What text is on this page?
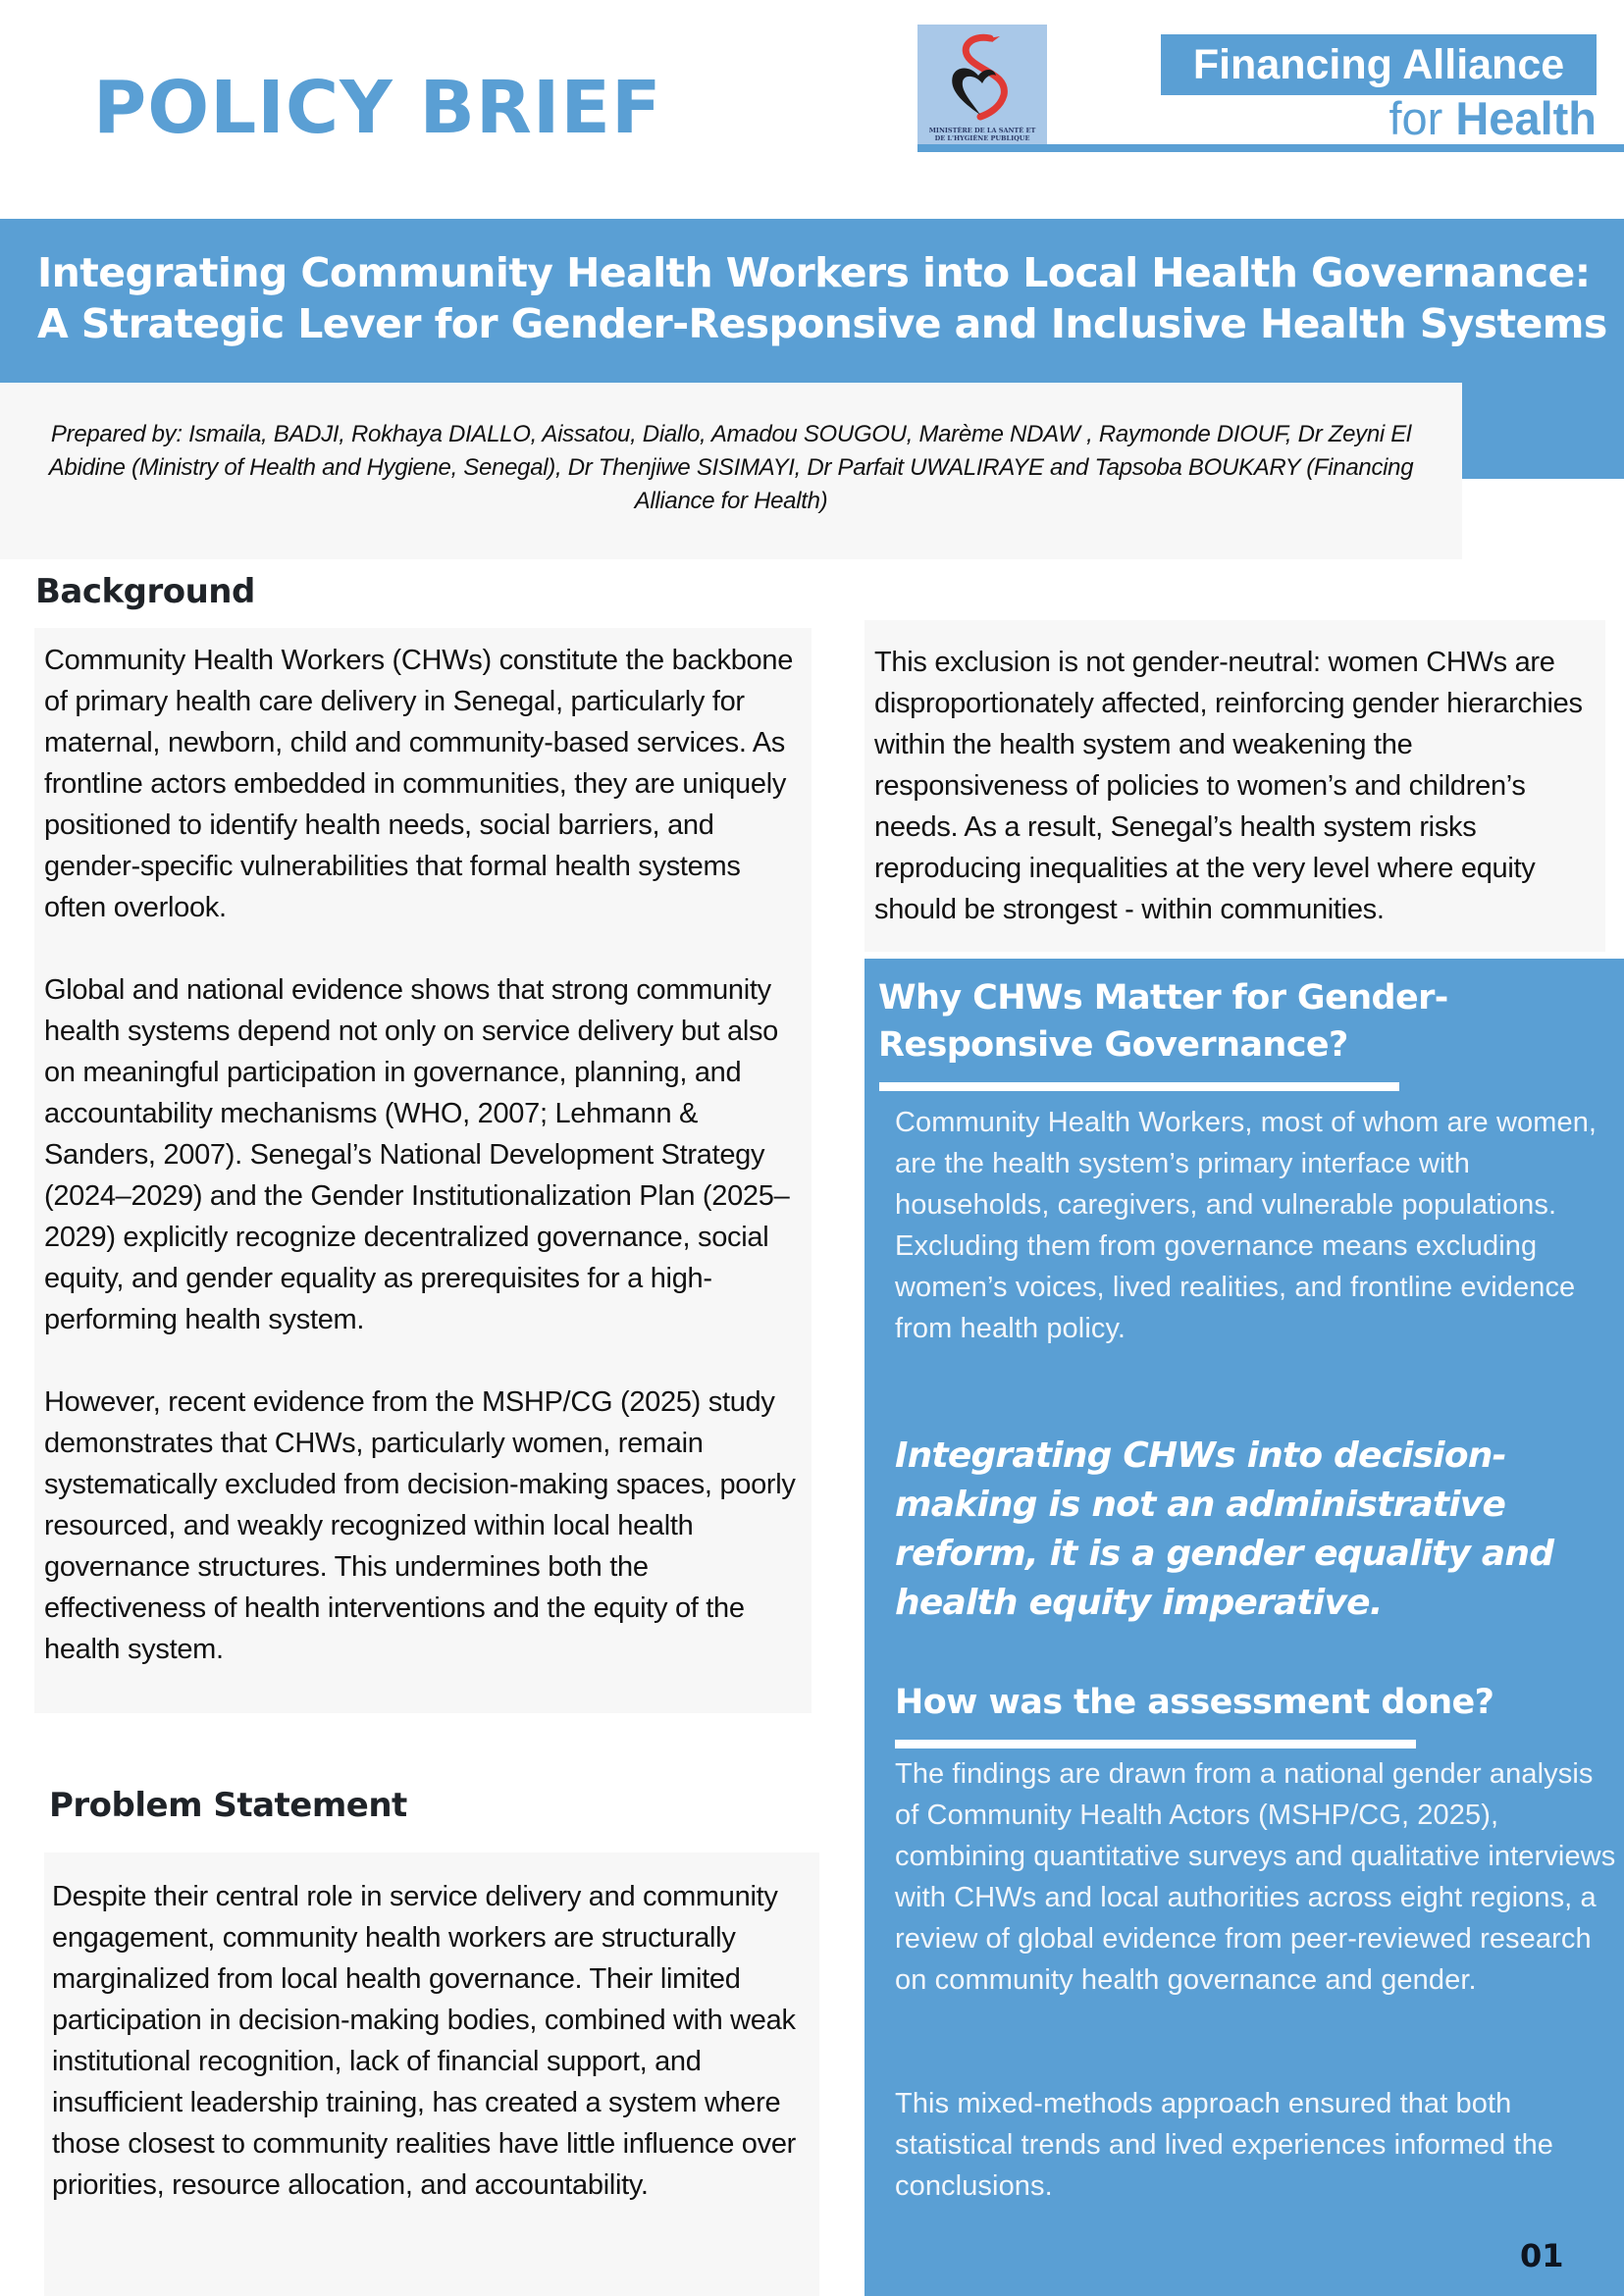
POLICY BRIEF	MINISTÈRE DE LA SANTÉ ET DE L'HYGIÈNE PUBLIQUE
Financing Alliance
for Health
Integrating Community Health Workers into Local Health Governance:
A Strategic Lever for Gender-Responsive and Inclusive Health Systems
Prepared by: Ismaila, BADJI, Rokhaya DIALLO, Aissatou, Diallo, Amadou SOUGOU, Marème NDAW , Raymonde DIOUF, Dr Zeyni El Abidine (Ministry of Health and Hygiene, Senegal), Dr Thenjiwe SISIMAYI, Dr Parfait UWALIRAYE and Tapsoba BOUKARY (Financing Alliance for Health)
Background
Community Health Workers (CHWs) constitute the backbone of primary health care delivery in Senegal, particularly for maternal, newborn, child and community-based services. As frontline actors embedded in communities, they are uniquely positioned to identify health needs, social barriers, and gender-specific vulnerabilities that formal health systems often overlook.
Global and national evidence shows that strong community health systems depend not only on service delivery but also on meaningful participation in governance, planning, and accountability mechanisms (WHO, 2007; Lehmann & Sanders, 2007). Senegal’s National Development Strategy (2024–2029) and the Gender Institutionalization Plan (2025–2029) explicitly recognize decentralized governance, social equity, and gender equality as prerequisites for a high-performing health system.
However, recent evidence from the MSHP/CG (2025) study demonstrates that CHWs, particularly women, remain systematically excluded from decision-making spaces, poorly resourced, and weakly recognized within local health governance structures. This undermines both the effectiveness of health interventions and the equity of the health system.
Problem Statement
Despite their central role in service delivery and community engagement, community health workers are structurally marginalized from local health governance. Their limited participation in decision-making bodies, combined with weak institutional recognition, lack of financial support, and insufficient leadership training, has created a system where those closest to community realities have little influence over priorities, resource allocation, and accountability.
This exclusion is not gender-neutral: women CHWs are disproportionately affected, reinforcing gender hierarchies within the health system and weakening the responsiveness of policies to women’s and children’s needs. As a result, Senegal’s health system risks reproducing inequalities at the very level where equity should be strongest - within communities.
Why CHWs Matter for Gender-
Responsive Governance?
Community Health Workers, most of whom are women, are the health system’s primary interface with households, caregivers, and vulnerable populations. Excluding them from governance means excluding women’s voices, lived realities, and frontline evidence from health policy.
Integrating CHWs into decision-making is not an administrative reform, it is a gender equality and health equity imperative.
How was the assessment done?
The findings are drawn from a national gender analysis of Community Health Actors (MSHP/CG, 2025), combining quantitative surveys and qualitative interviews with CHWs and local authorities across eight regions, a review of global evidence from peer-reviewed research on community health governance and gender.
This mixed-methods approach ensured that both statistical trends and lived experiences informed the conclusions.
01
